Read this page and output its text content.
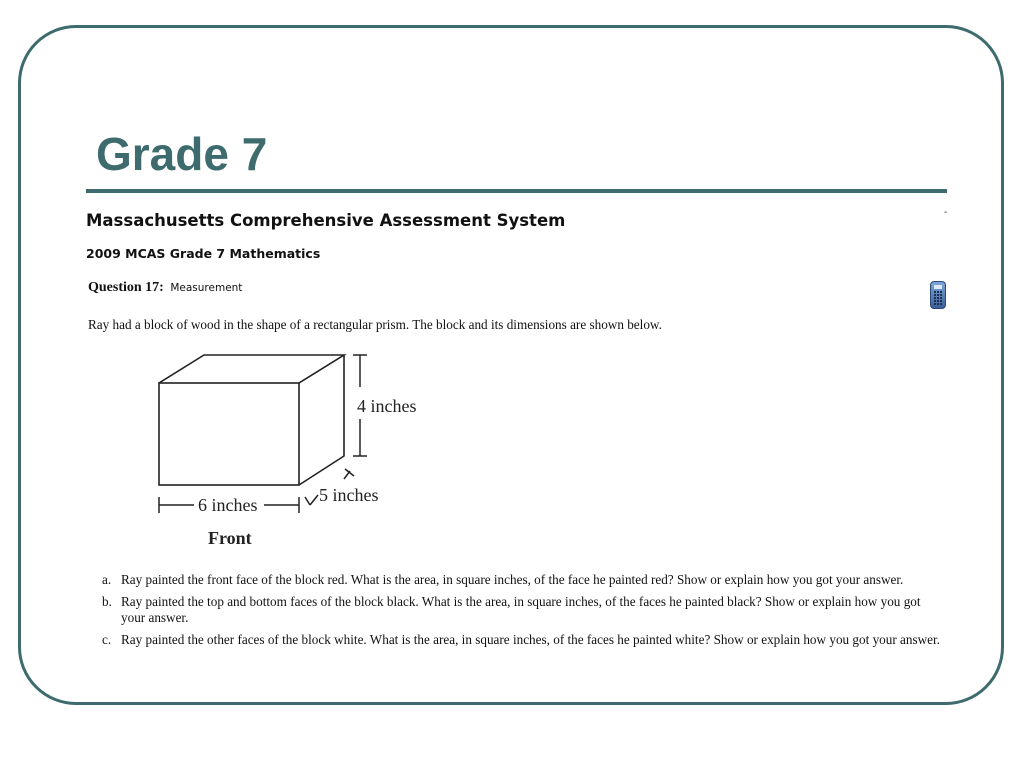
Grade 7
-
Massachusetts Comprehensive Assessment System
2009 MCAS Grade 7 Mathematics
Question 17: Measurement

Ray had a block of wood in the shape of a rectangular prism. The block and its dimensions are shown below.

4 inches
6 inches	5 inches
Front
a. Ray painted the front face of the block red. What is the area, in square inches, of the face he painted red? Show or explain how you got your answer.
b. Ray painted the top and bottom faces of the block black. What is the area, in square inches, of the faces he painted black? Show or explain how you got your answer.
c. Ray painted the other faces of the block white. What is the area, in square inches, of the faces he painted white? Show or explain how you got your answer.
